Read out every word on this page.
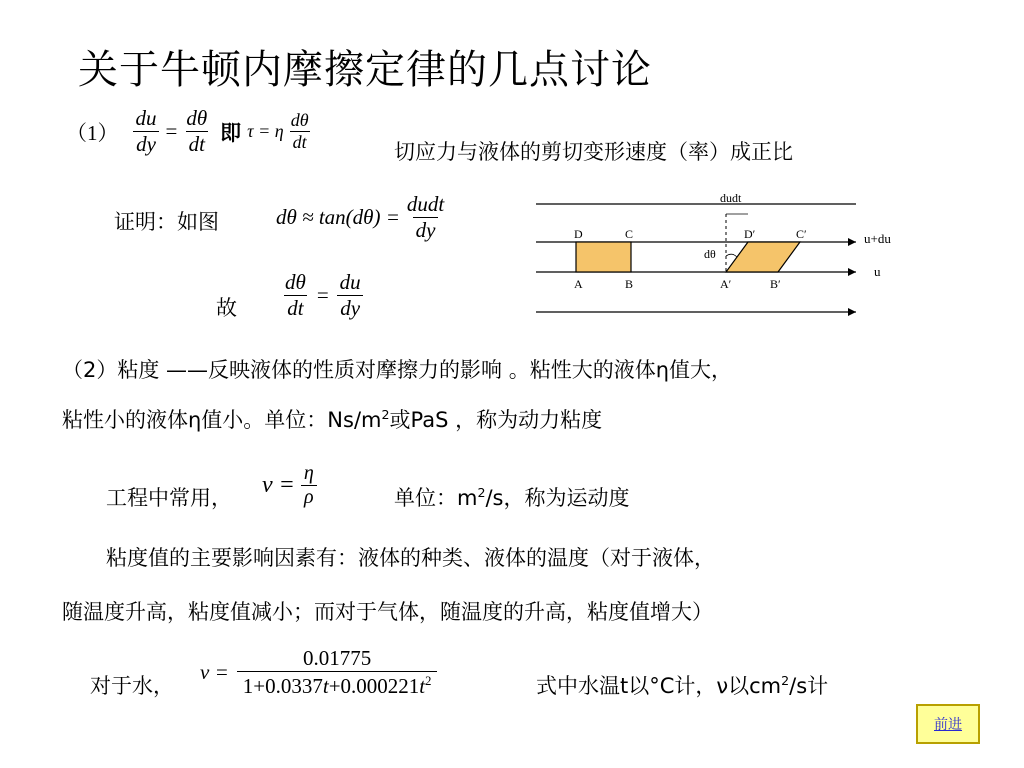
关于牛顿内摩擦定律的几点讨论
$(1) \frac{du}{dy} = \frac{d\theta}{dt}$ 即 τ = η $\frac{d\theta}{dt}$	切应力与液体的剪切变形速度（率）成正比
证明：如图	$d\theta \approx \tan(d\theta) = \frac{\text{dudt}}{dy}$
故 $\frac{d\theta}{dt} = \frac{du}{dy}$
dudt
D	C	D′	C′
A	B	A′	B′
dθ
u+du
u
（2）粘度 ——反映液体的性质对摩擦力的影响 。粘性大的液体η值大，
粘性小的液体η值小。单位：$Ns/m^2$或PaS ，称为动力粘度
工程中常用， $\nu = \frac{\eta}{\rho}$	单位：$m^2/s$，称为运动度
粘度值的主要影响因素有：液体的种类、液体的温度（对于液体，
随温度升高，粘度值减小；而对于气体，随温度的升高，粘度值增大）
对于水，
$\nu = \frac{0.01775}{1+0.0337t+0.000221t^2}$	式中水温t以°C计，ν以$cm^2/s$计
前进
